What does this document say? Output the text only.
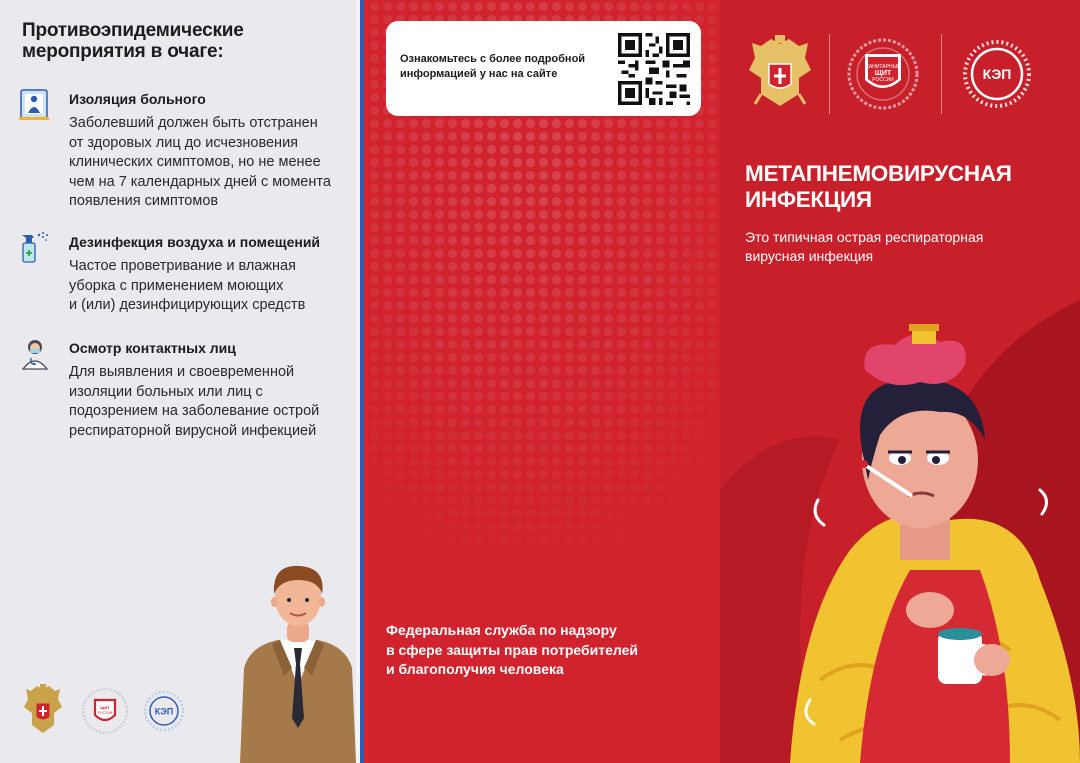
Противоэпидемические
мероприятия в очаге:
Изоляция больного
Заболевший должен быть отстранен
от здоровых лиц до исчезновения
клинических симптомов, но не менее
чем на 7 календарных дней с момента
появления симптомов
Дезинфекция воздуха и помещений
Частое проветривание и влажная
уборка с применением моющих
и (или) дезинфицирующих средств
Осмотр контактных лиц
Для выявления и своевременной
изоляции больных или лиц с
подозрением на заболевание острой
респираторной вирусной инфекцией
ЩИТ
РОССИИ	КЭП
Ознакомьтесь с более подробной
информацией у нас на сайте
Федеральная служба по надзору
в сфере защиты прав потребителей
и благополучия человека
САНИТАРНЫЙ
ЩИТ
РОССИИ	КЭП
МЕТАПНЕМОВИРУСНАЯ
ИНФЕКЦИЯ
Это типичная острая респираторная
вирусная инфекция
